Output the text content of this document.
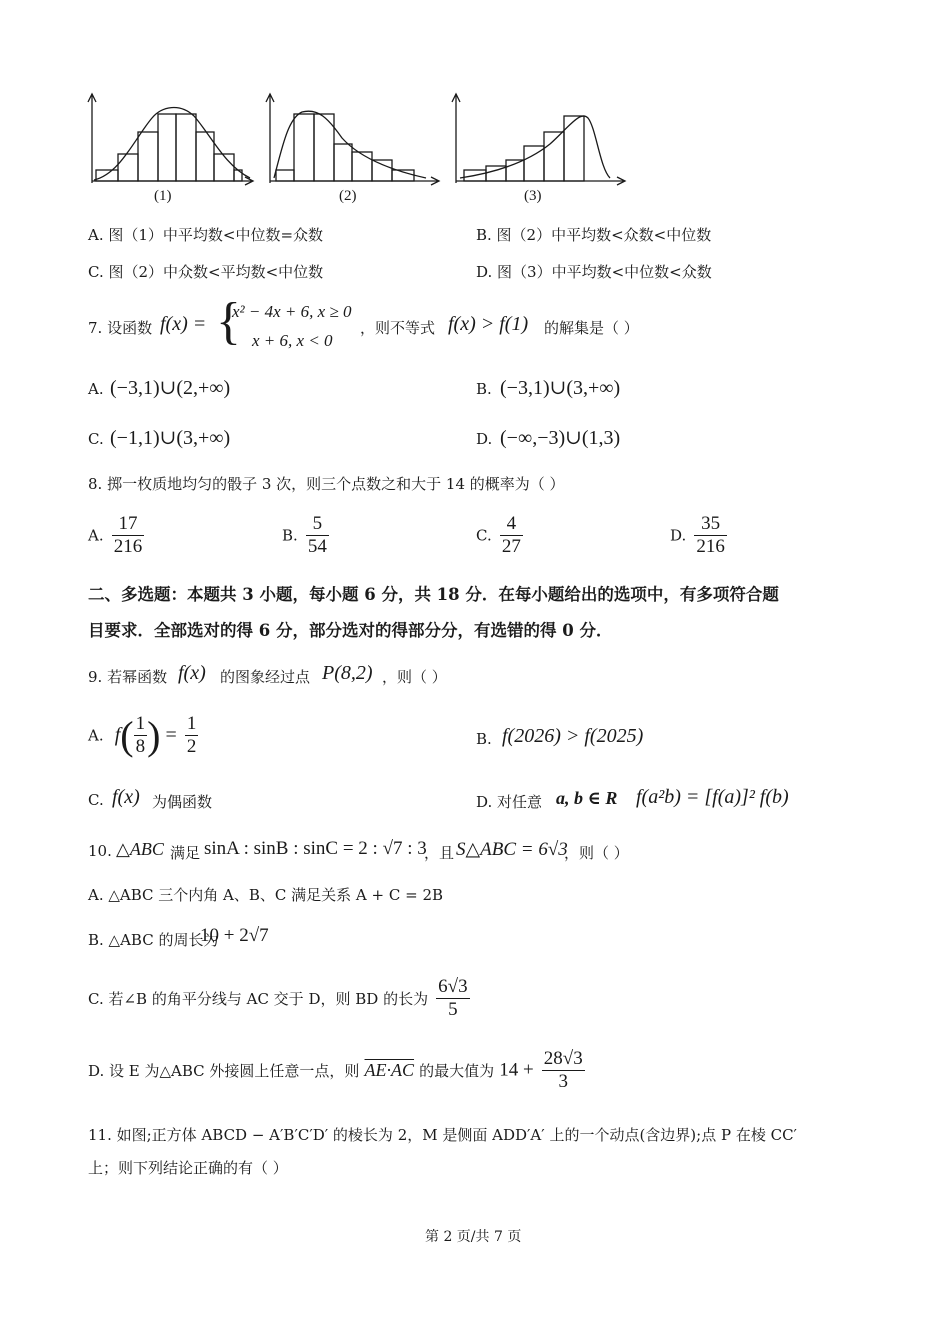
(1)	(2)	(3)
A. 图（1）中平均数<中位数=众数	B. 图（2）中平均数<众数<中位数
C. 图（2）中众数<平均数<中位数	D. 图（3）中平均数<中位数<众数
7. 设函数 f(x) = {
x² − 4x + 6, x ≥ 0
x + 6, x < 0
，则不等式 f(x) > f(1) 的解集是（ ）
A. (−3,1)∪(2,+∞)	B. (−3,1)∪(3,+∞)
C. (−1,1)∪(3,+∞)	D. (−∞,−3)∪(1,3)
8. 掷一枚质地均匀的骰子 3 次，则三个点数之和大于 14 的概率为（ ）
A. $\frac{17}{216}$	B. $\frac{5}{54}$	C. $\frac{4}{27}$	D. $\frac{35}{216}$
二、多选题：本题共 3 小题，每小题 6 分，共 18 分．在每小题给出的选项中，有多项符合题
目要求．全部选对的得 6 分，部分选对的得部分分，有选错的得 0 分．
9. 若幂函数 f(x) 的图象经过点 P(8,2) ，则（ ）
A. $f( \frac{1}{8}$ ) = $\frac{1}{2}$	B. f(2026) > f(2025)
C. f(x) 为偶函数	D. 对任意 a, b ∈ R f(a²b) = [f(a)]² f(b)
10. △ABC 满足 sinA : sinB : sinC = 2 : √7 : 3
，且 S△ABC = 6√3
，则（ ）
A. △ABC 三个内角 A、B、C 满足关系 A + C = 2B
B. △ABC 的周长为
10 + 2√7
C. 若∠B 的角平分线与 AC 交于 D，则 BD 的长为 $\frac{6√3}{5}$
D. 设 E 为△ABC 外接圆上任意一点，则 AE·AC 的最大值为 $14 + \frac{28√3}{3}$
11. 如图;正方体 ABCD − A′B′C′D′ 的棱长为 2，M 是侧面 ADD′A′ 上的一个动点(含边界);点 P 在棱 CC′
上；则下列结论正确的有（ ）
第 2 页/共 7 页
